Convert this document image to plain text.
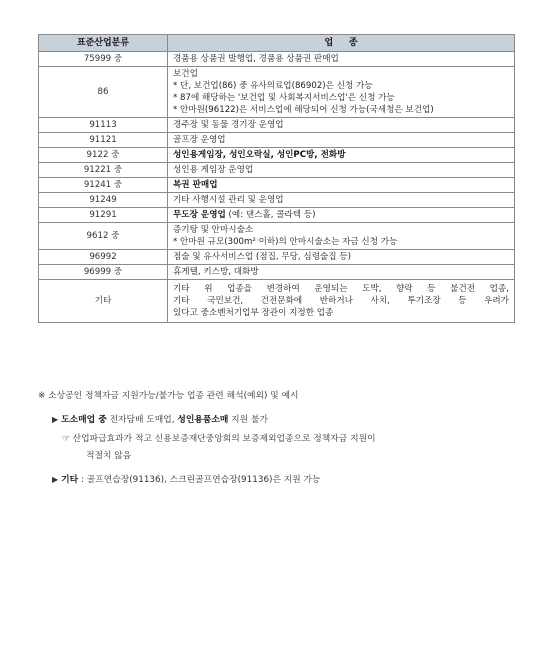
표준산업분류	업     종
75999 중	경품용 상품권 발행업, 경품용 상품권 판매업

86	보건업
* 단, 보건업(86) 중 유사의료업(86902)은 신청 가능
* 87에 해당하는 '보건업 및 사회복지서비스업'은 신청 가능
* 안마원(96122)은 서비스업에 해당되어 신청 가능(국세청은 보건업)

91113	경주장 및 동물 경기장 운영업

91121	골프장 운영업

9122 중	성인용게임장, 성인오락실, 성인PC방, 전화방

91221 중	성인용 게임장 운영업

91241 중	복권 판매업

91249	기타 사행시설 관리 및 운영업

91291	무도장 운영업 (예: 댄스홀, 콜라텍 등)

9612 중	증기탕 및 안마시술소
* 안마원 규모(300m² 이하)의 안마시술소는 자금 신청 가능

96992	점술 및 유사서비스업 (점집, 무당, 심령술집 등)

96999 중	휴게텔, 키스방, 대화방

기타	기타 위 업종을 변경하여 운영되는 도박, 향락 등 불건전 업종,
기타 국민보건, 건전문화에 반하거나 사치, 투기조장 등 우려가
있다고 중소벤처기업부 장관이 지정한 업종
※ 소상공인 정책자금 지원가능/불가능 업종 관련 해석(예외) 및 예시
▶ 도소매업 중 전자담배 도매업, 성인용품소매 지원 불가
☞ 산업파급효과가 적고 신용보증재단중앙회의 보증제외업종으로 정책자금 지원이
적절치 않음
▶ 기타 : 골프연습장(91136), 스크린골프연습장(91136)은 지원 가능
